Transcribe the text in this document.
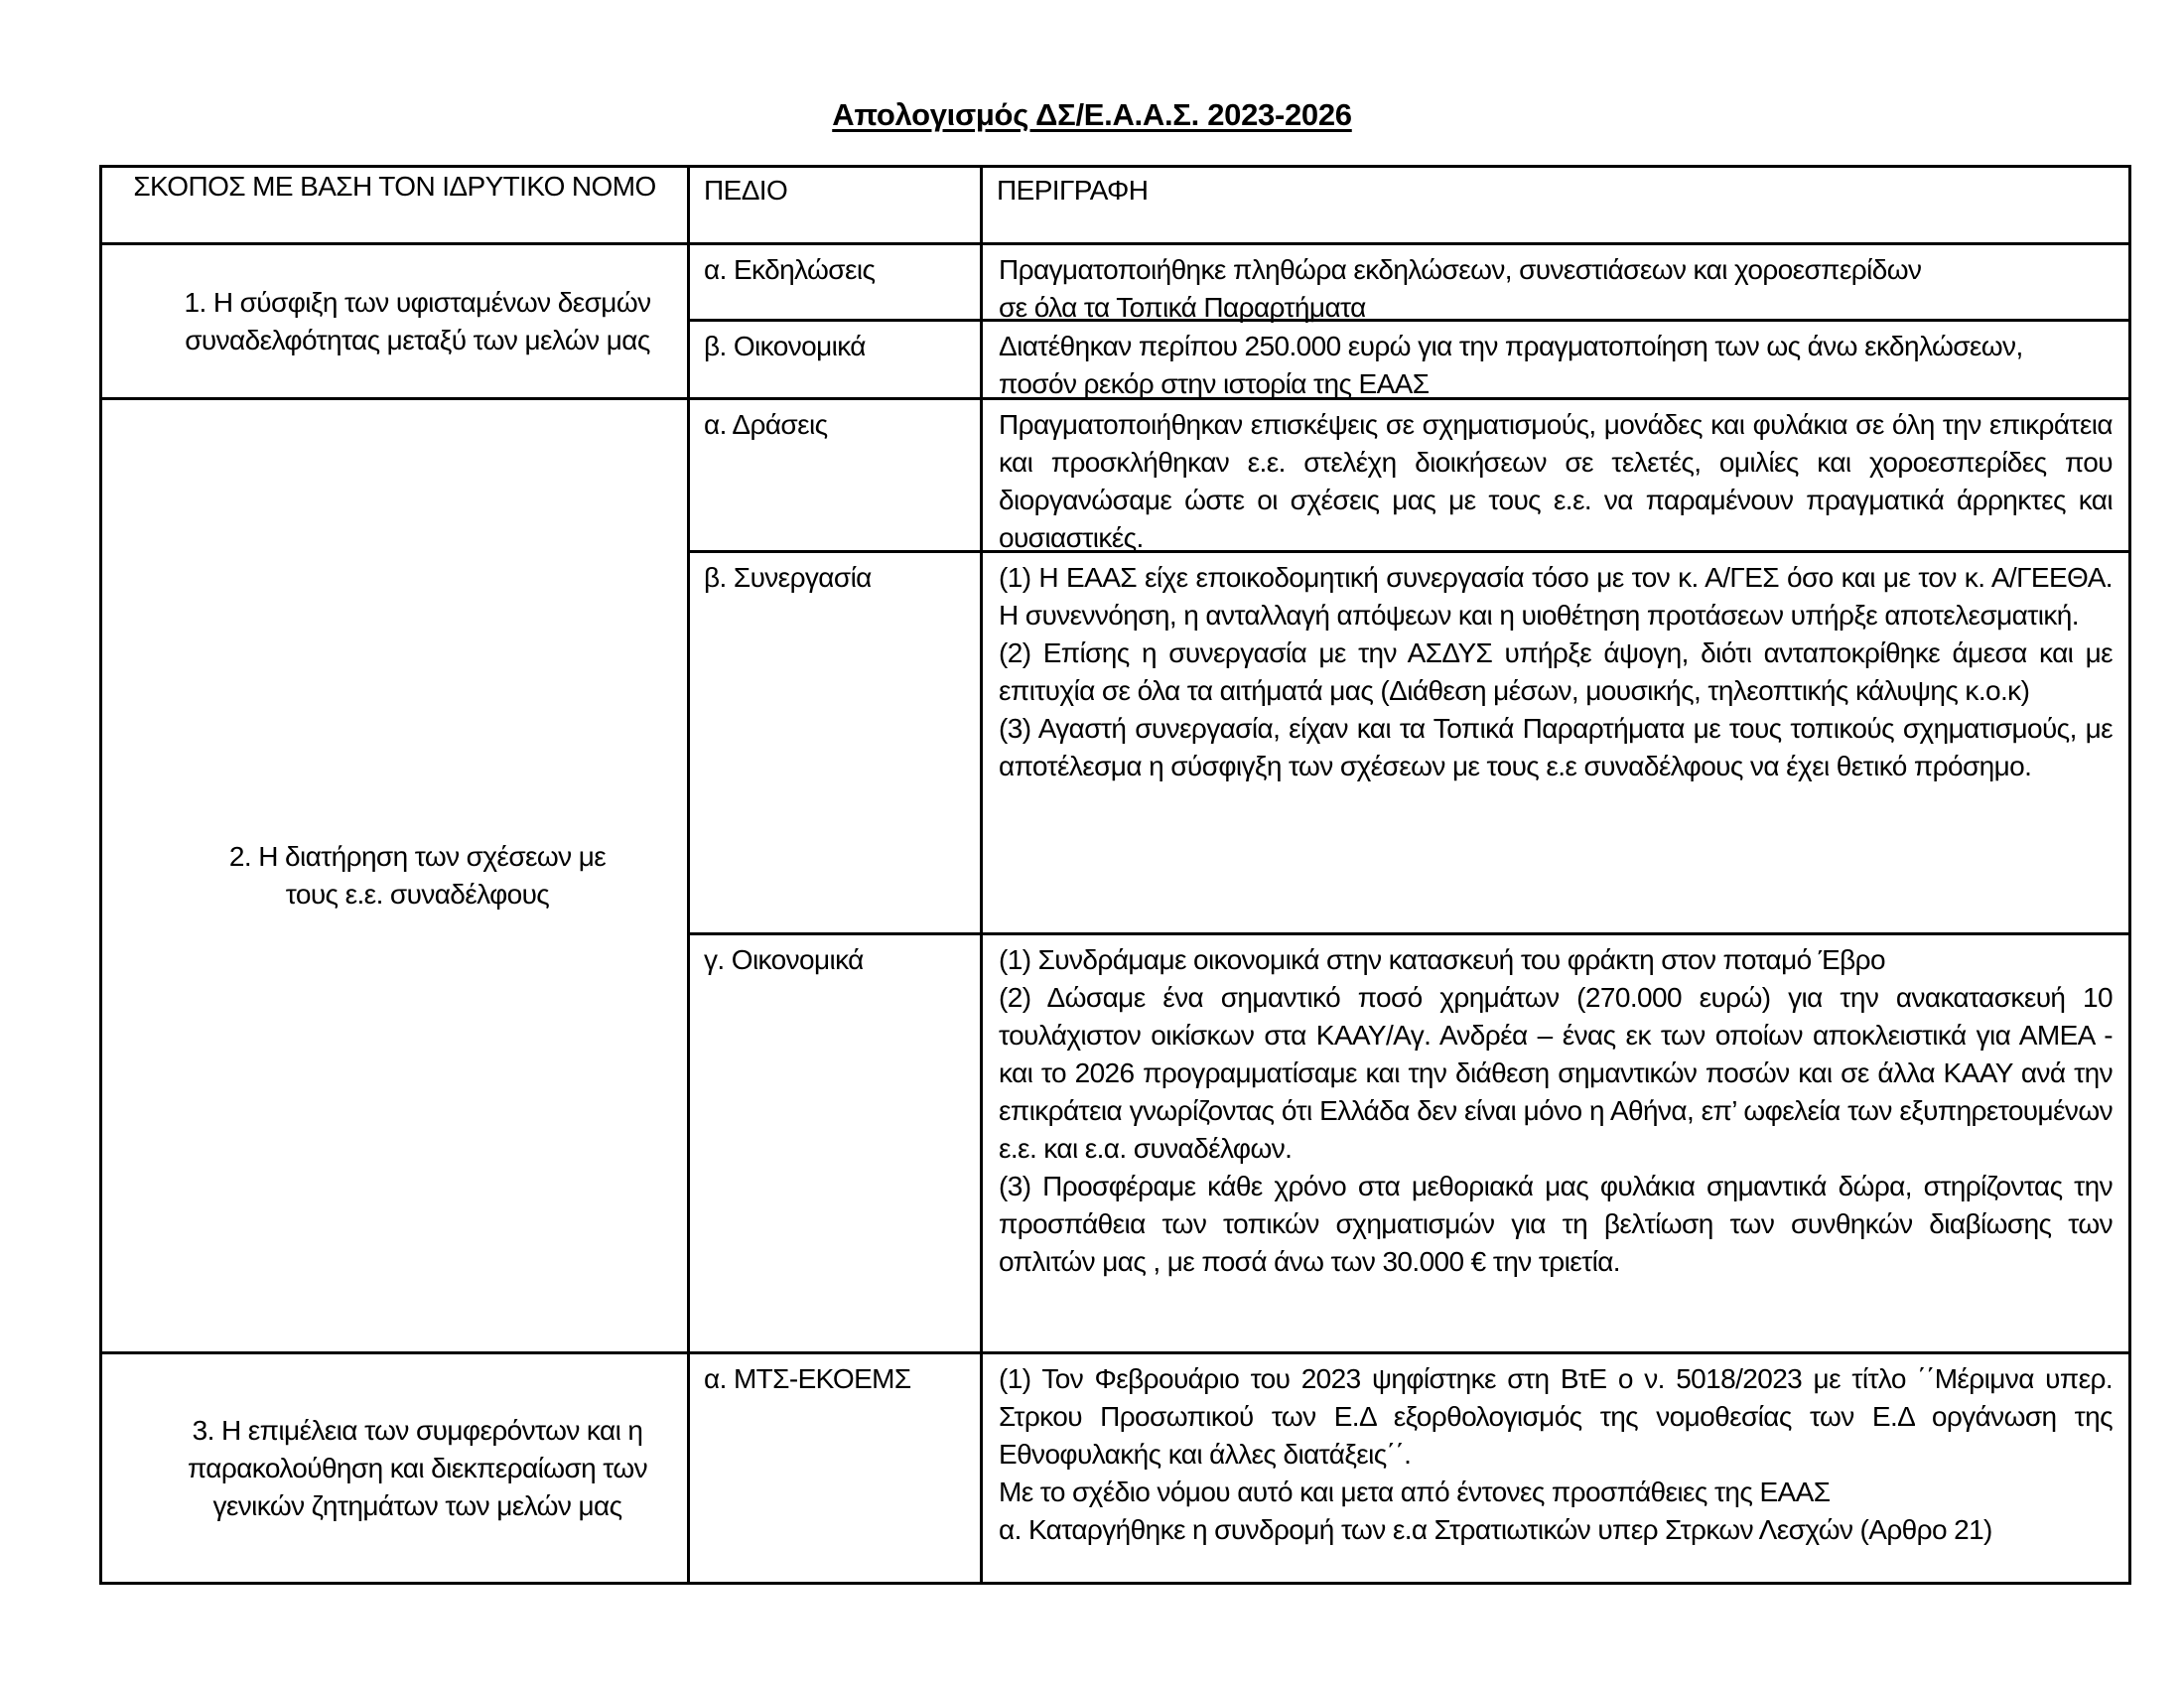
Απολογισμός ΔΣ/Ε.Α.Α.Σ. 2023-2026
ΣΚΟΠΟΣ ΜΕ ΒΑΣΗ ΤΟΝ ΙΔΡΥΤΙΚΟ ΝΟΜΟ	ΠΕΔΙΟ	ΠΕΡΙΓΡΑΦΗ
1. Η σύσφιξη των υφισταμένων δεσμών συναδελφότητας μεταξύ των μελών μας
α. Εκδηλώσεις	Πραγματοποιήθηκε πληθώρα εκδηλώσεων, συνεστιάσεων και χοροεσπερίδων σε όλα τα Τοπικά Παραρτήματα

β. Οικονομικά	Διατέθηκαν περίπου 250.000 ευρώ για την πραγματοποίηση των ως άνω εκδηλώσεων, ποσόν ρεκόρ στην ιστορία της ΕΑΑΣ

2. Η διατήρηση των σχέσεων με τους ε.ε. συναδέλφους
α. Δράσεις	Πραγματοποιήθηκαν επισκέψεις σε σχηματισμούς, μονάδες και φυλάκια σε όλη την επικράτεια και προσκλήθηκαν ε.ε. στελέχη διοικήσεων σε τελετές, ομιλίες και χοροεσπερίδες που διοργανώσαμε ώστε οι σχέσεις μας με τους ε.ε. να παραμένουν πραγματικά άρρηκτες και ουσιαστικές.

β. Συνεργασία	(1) Η ΕΑΑΣ είχε εποικοδομητική συνεργασία τόσο με τον κ. Α/ΓΕΣ όσο και με τον κ. Α/ΓΕΕΘΑ. Η συνεννόηση, η ανταλλαγή απόψεων και η υιοθέτηση προτάσεων υπήρξε αποτελεσματική.

(2) Επίσης η συνεργασία με την ΑΣΔΥΣ υπήρξε άψογη, διότι ανταποκρίθηκε άμεσα και με επιτυχία σε όλα τα αιτήματά μας (Διάθεση μέσων, μουσικής, τηλεοπτικής κάλυψης κ.ο.κ)

(3) Αγαστή συνεργασία, είχαν και τα Τοπικά Παραρτήματα με τους τοπικούς σχηματισμούς, με αποτέλεσμα η σύσφιγξη των σχέσεων με τους ε.ε συναδέλφους να έχει θετικό πρόσημο.

γ. Οικονομικά	(1) Συνδράμαμε οικονομικά στην κατασκευή του φράκτη στον ποταμό Έβρο

(2) Δώσαμε ένα σημαντικό ποσό χρημάτων (270.000 ευρώ) για την ανακατασκευή 10 τουλάχιστον οικίσκων στα ΚΑΑΥ/Αγ. Ανδρέα – ένας εκ των οποίων αποκλειστικά για ΑΜΕΑ - και το 2026 προγραμματίσαμε και την διάθεση σημαντικών ποσών και σε άλλα ΚΑΑΥ ανά την επικράτεια γνωρίζοντας ότι Ελλάδα δεν είναι μόνο η Αθήνα, επ’ ωφελεία των εξυπηρετουμένων ε.ε. και ε.α. συναδέλφων.

(3) Προσφέραμε κάθε χρόνο στα μεθοριακά μας φυλάκια σημαντικά δώρα, στηρίζοντας την προσπάθεια των τοπικών σχηματισμών για τη βελτίωση των συνθηκών διαβίωσης των οπλιτών μας , με ποσά άνω των 30.000 € την τριετία.

3. Η επιμέλεια των συμφερόντων και η παρακολούθηση και διεκπεραίωση των γενικών ζητημάτων των μελών μας
α. ΜΤΣ-ΕΚΟΕΜΣ	(1) Τον Φεβρουάριο του 2023 ψηφίστηκε στη ΒτΕ ο ν. 5018/2023 με τίτλο ΄΄Μέριμνα υπερ. Στρκου Προσωπικού των Ε.Δ εξορθολογισμός της νομοθεσίας των Ε.Δ οργάνωση της Εθνοφυλακής και άλλες διατάξεις΄΄.

Με το σχέδιο νόμου αυτό και μετα από έντονες προσπάθειες της ΕΑΑΣ

α. Καταργήθηκε η συνδρομή των ε.α Στρατιωτικών υπερ Στρκων Λεσχών (Αρθρο 21)
